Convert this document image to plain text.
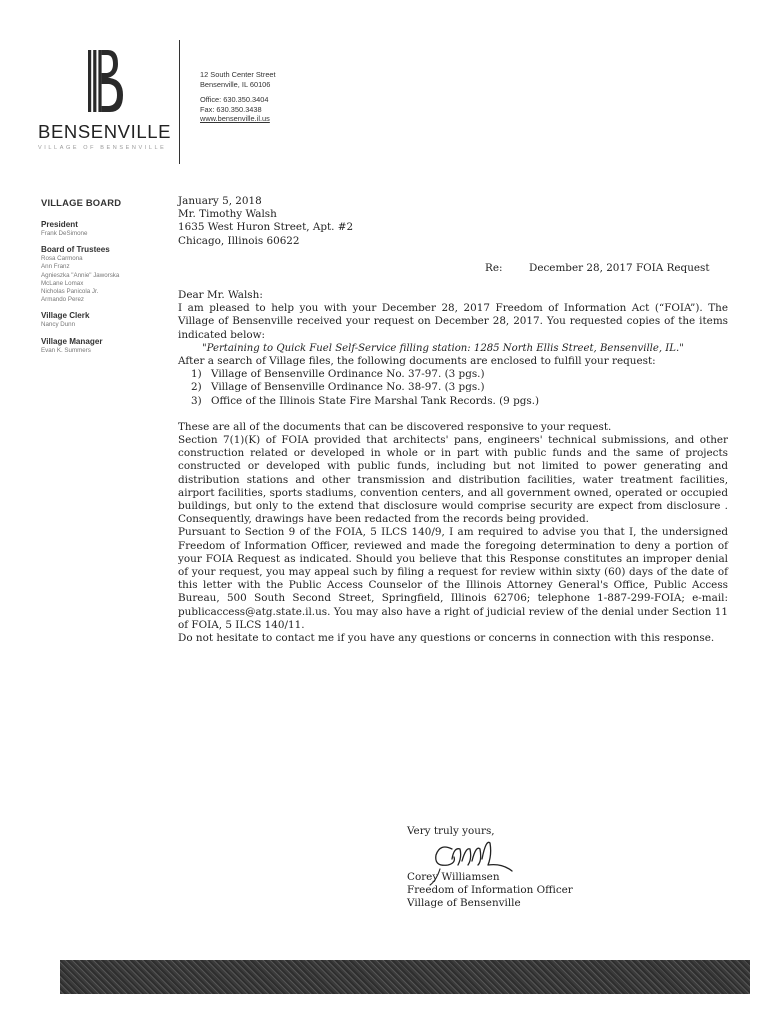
BENSENVILLE
VILLAGE OF BENSENVILLE
12 South Center Street
Bensenville, IL 60106
Office: 630.350.3404
Fax: 630.350.3438
www.bensenville.il.us
VILLAGE BOARD
President
Frank DeSimone
Board of Trustees
Rosa Carmona
Ann Franz
Agnieszka "Annie" Jaworska
McLane Lomax
Nicholas Panicola Jr.
Armando Perez
Village Clerk
Nancy Dunn
Village Manager
Evan K. Summers

January 5, 2018

Mr. Timothy Walsh

1635 West Huron Street, Apt. #2

Chicago, Illinois 60622

Re:	December 28, 2017 FOIA Request

Dear Mr. Walsh:

I am pleased to help you with your December 28, 2017 Freedom of Information Act (“FOIA”). The Village of Bensenville received your request on December 28, 2017. You requested copies of the items indicated below:

"Pertaining to Quick Fuel Self-Service filling station: 1285 North Ellis Street, Bensenville, IL."

After a search of Village files, the following documents are enclosed to fulfill your request:

1) Village of Bensenville Ordinance No. 37-97. (3 pgs.)
2) Village of Bensenville Ordinance No. 38-97. (3 pgs.)
3) Office of the Illinois State Fire Marshal Tank Records. (9 pgs.)

These are all of the documents that can be discovered responsive to your request.

Section 7(1)(K) of FOIA provided that architects' pans, engineers' technical submissions, and other construction related or developed in whole or in part with public funds and the same of projects constructed or developed with public funds, including but not limited to power generating and distribution stations and other transmission and distribution facilities, water treatment facilities, airport facilities, sports stadiums, convention centers, and all government owned, operated or occupied buildings, but only to the extend that disclosure would comprise security are expect from disclosure . Consequently, drawings have been redacted from the records being provided.

Pursuant to Section 9 of the FOIA, 5 ILCS 140/9, I am required to advise you that I, the undersigned Freedom of Information Officer, reviewed and made the foregoing determination to deny a portion of your FOIA Request as indicated. Should you believe that this Response constitutes an improper denial of your request, you may appeal such by filing a request for review within sixty (60) days of the date of this letter with the Public Access Counselor of the Illinois Attorney General's Office, Public Access Bureau, 500 South Second Street, Springfield, Illinois 62706; telephone 1-887-299-FOIA; e-mail: publicaccess@atg.state.il.us. You may also have a right of judicial review of the denial under Section 11 of FOIA, 5 ILCS 140/11.

Do not hesitate to contact me if you have any questions or concerns in connection with this response.

Very truly yours,
Corey Williamsen
Freedom of Information Officer
Village of Bensenville
